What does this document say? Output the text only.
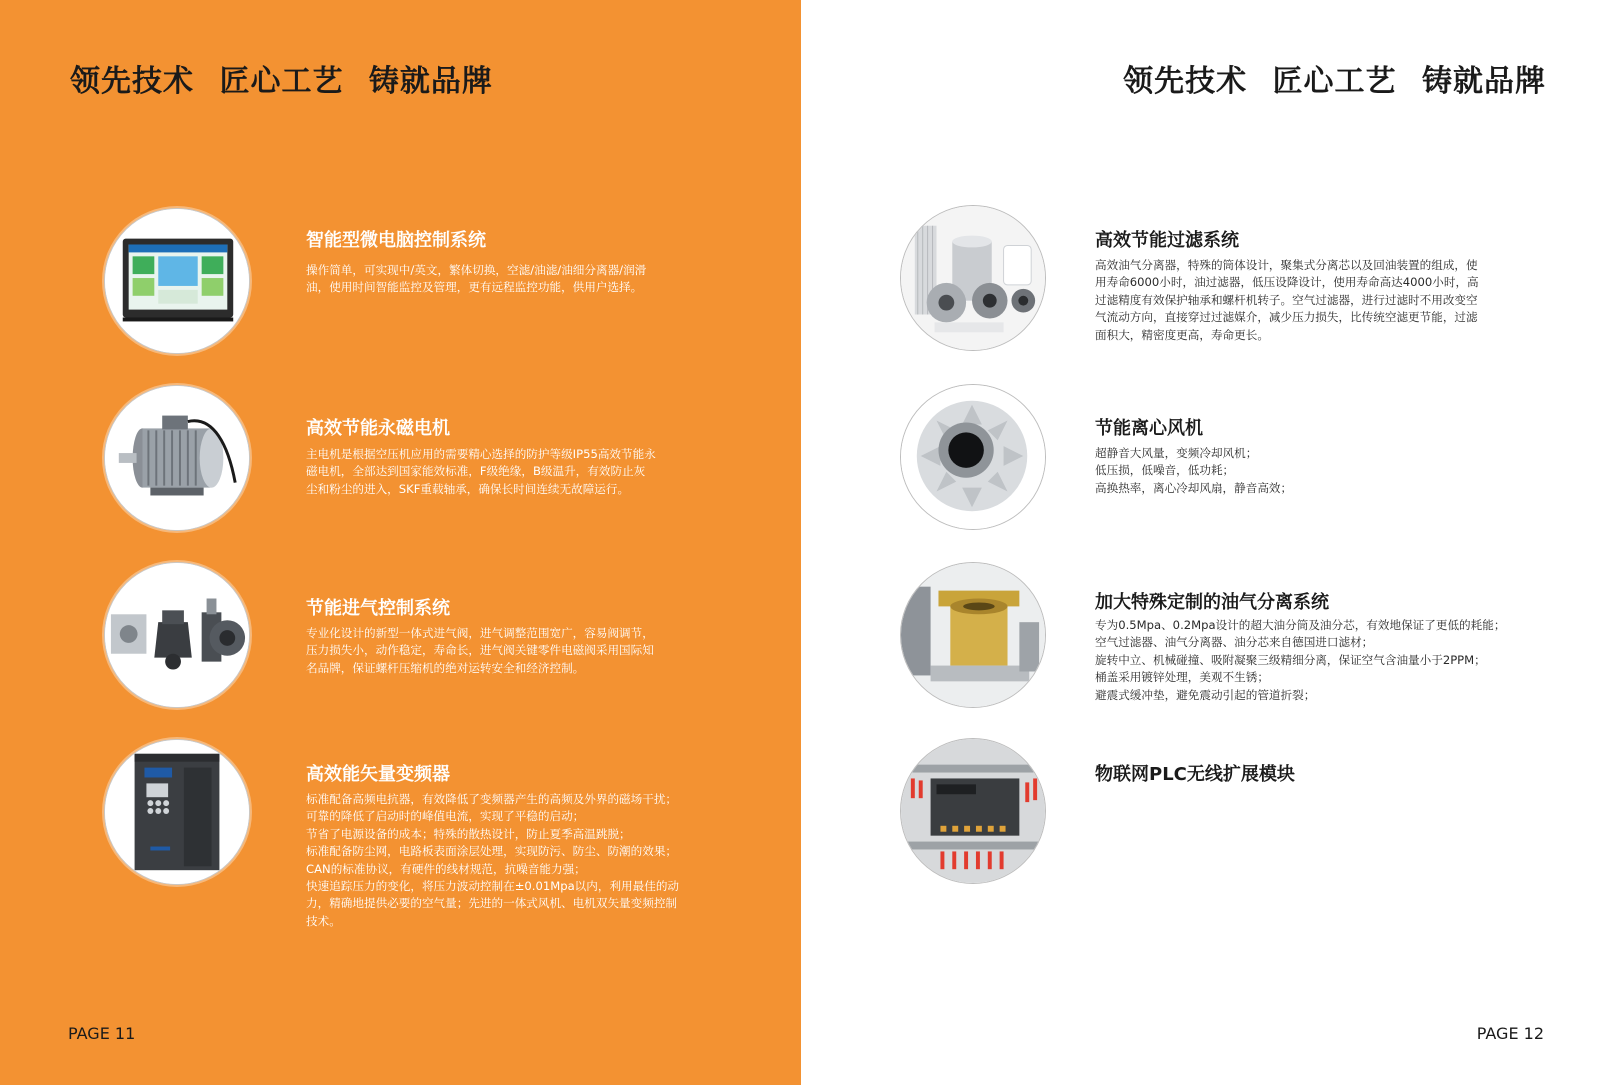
领先技术 匠心工艺 铸就品牌
智能型微电脑控制系统
操作简单，可实现中/英文，繁体切换，空滤/油滤/油细分离器/润滑
油，使用时间智能监控及管理，更有远程监控功能，供用户选择。
高效节能永磁电机
主电机是根据空压机应用的需要精心选择的防护等级IP55高效节能永
磁电机，全部达到国家能效标准，F级绝缘，B级温升，有效防止灰
尘和粉尘的进入，SKF重载轴承，确保长时间连续无故障运行。
节能进气控制系统
专业化设计的新型一体式进气阀，进气调整范围宽广，容易阀调节，
压力损失小，动作稳定，寿命长，进气阀关键零件电磁阀采用国际知
名品牌，保证螺杆压缩机的绝对运转安全和经济控制。
高效能矢量变频器
标准配备高频电抗器，有效降低了变频器产生的高频及外界的磁场干扰；
可靠的降低了启动时的峰值电流，实现了平稳的启动；
节省了电源设备的成本；特殊的散热设计，防止夏季高温跳脱；
标准配备防尘网，电路板表面涂层处理，实现防污、防尘、防潮的效果；
CAN的标准协议，有硬件的线材规范，抗噪音能力强；
快速追踪压力的变化，将压力波动控制在±0.01Mpa以内，利用最佳的动
力，精确地提供必要的空气量；先进的一体式风机、电机双矢量变频控制
技术。
PAGE 11
领先技术 匠心工艺 铸就品牌
高效节能过滤系统
高效油气分离器，特殊的筒体设计，聚集式分离芯以及回油装置的组成，使
用寿命6000小时，油过滤器，低压设降设计，使用寿命高达4000小时，高
过滤精度有效保护轴承和螺杆机转子。空气过滤器，进行过滤时不用改变空
气流动方向，直接穿过过滤媒介，减少压力损失，比传统空滤更节能，过滤
面积大，精密度更高，寿命更长。
节能离心风机
超静音大风量，变频冷却风机；
低压损，低噪音，低功耗；
高换热率，离心冷却风扇，静音高效；
加大特殊定制的油气分离系统
专为0.5Mpa、0.2Mpa设计的超大油分筒及油分芯，有效地保证了更低的耗能；
空气过滤器、油气分离器、油分芯来自德国进口滤材；
旋转中立、机械碰撞、吸附凝聚三级精细分离，保证空气含油量小于2PPM；
桶盖采用镀锌处理，美观不生锈；
避震式缓冲垫，避免震动引起的管道折裂；
物联网PLC无线扩展模块
PAGE 12
